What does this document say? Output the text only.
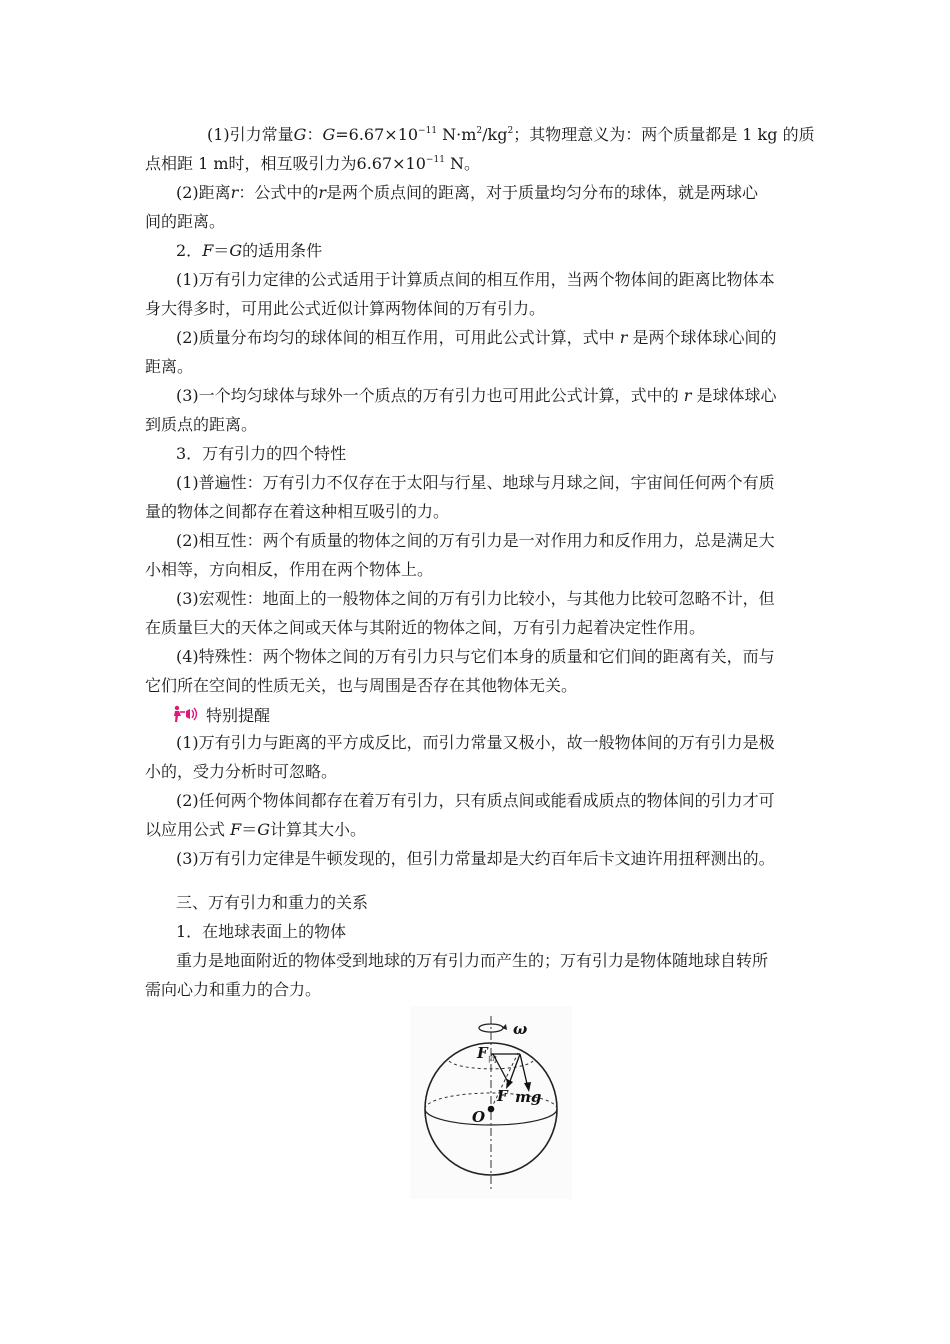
(1)引力常量G：$G=6.67\times 10^{-11}$ $N\cdot m^2/kg^2$；其物理意义为：两个质量都是 1 kg 的质
点相距 1 m时，相互吸引力为$6.67\times 10^{-11}$ N。
(2)距离r：公式中的r是两个质点间的距离，对于质量均匀分布的球体，就是两球心
间的距离。
2．F＝G的适用条件
(1)万有引力定律的公式适用于计算质点间的相互作用，当两个物体间的距离比物体本
身大得多时，可用此公式近似计算两物体间的万有引力。
(2)质量分布均匀的球体间的相互作用，可用此公式计算，式中 r 是两个球体球心间的
距离。
(3)一个均匀球体与球外一个质点的万有引力也可用此公式计算，式中的 r 是球体球心
到质点的距离。
3．万有引力的四个特性
(1)普遍性：万有引力不仅存在于太阳与行星、地球与月球之间，宇宙间任何两个有质
量的物体之间都存在着这种相互吸引的力。
(2)相互性：两个有质量的物体之间的万有引力是一对作用力和反作用力，总是满足大
小相等，方向相反，作用在两个物体上。
(3)宏观性：地面上的一般物体之间的万有引力比较小，与其他力比较可忽略不计，但
在质量巨大的天体之间或天体与其附近的物体之间，万有引力起着决定性作用。
(4)特殊性：两个物体之间的万有引力只与它们本身的质量和它们间的距离有关，而与
它们所在空间的性质无关，也与周围是否存在其他物体无关。
特别提醒
(1)万有引力与距离的平方成反比，而引力常量又极小，故一般物体间的万有引力是极
小的，受力分析时可忽略。
(2)任何两个物体间都存在着万有引力，只有质点间或能看成质点的物体间的引力才可
以应用公式 F＝G计算其大小。
(3)万有引力定律是牛顿发现的，但引力常量却是大约百年后卡文迪许用扭秤测出的。
三、万有引力和重力的关系
1．在地球表面上的物体
重力是地面附近的物体受到地球的万有引力而产生的；万有引力是物体随地球自转所
需向心力和重力的合力。
ω
F 向
F mg
O
